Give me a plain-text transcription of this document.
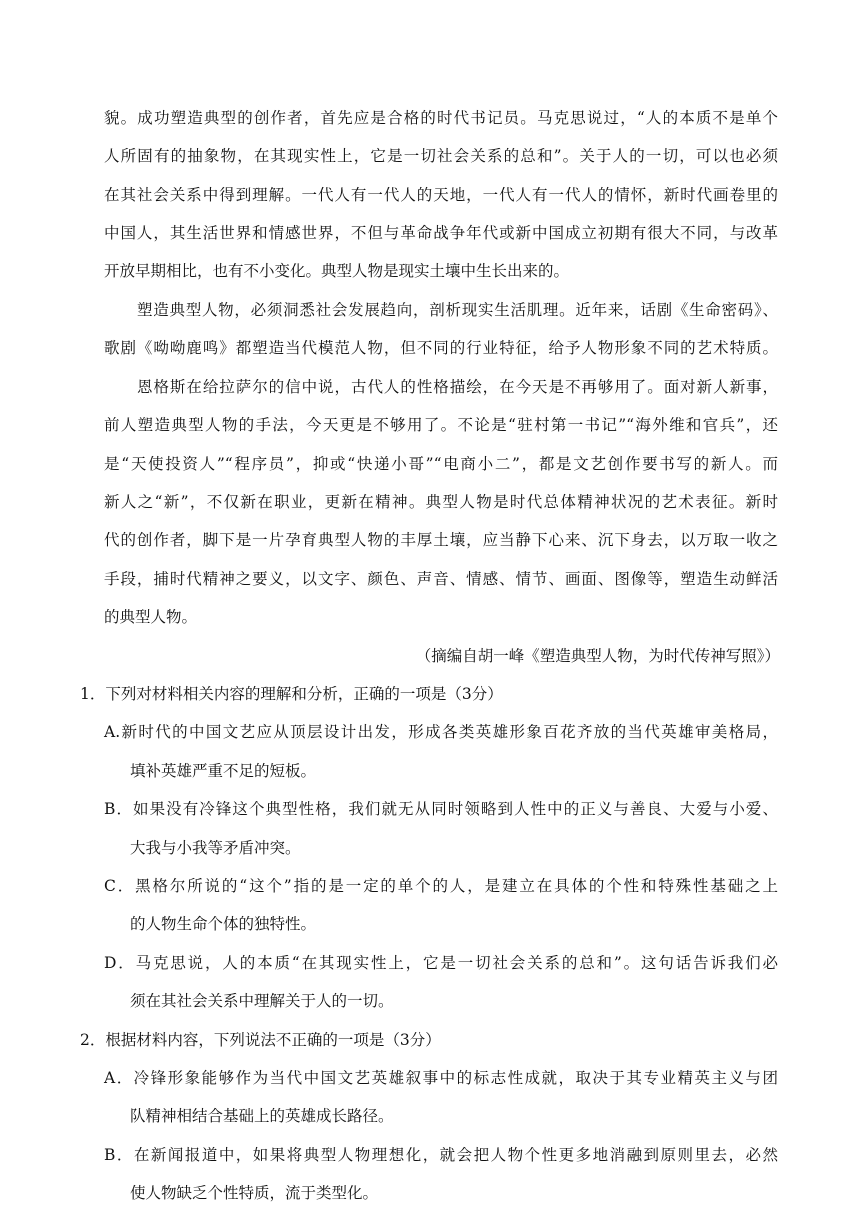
貌。成功塑造典型的创作者，首先应是合格的时代书记员。马克思说过，“人的本质不是单个
人所固有的抽象物，在其现实性上，它是一切社会关系的总和”。关于人的一切，可以也必须
在其社会关系中得到理解。一代人有一代人的天地，一代人有一代人的情怀，新时代画卷里的
中国人，其生活世界和情感世界，不但与革命战争年代或新中国成立初期有很大不同，与改革
开放早期相比，也有不小变化。典型人物是现实土壤中生长出来的。
塑造典型人物，必须洞悉社会发展趋向，剖析现实生活肌理。近年来，话剧《生命密码》、
歌剧《呦呦鹿鸣》都塑造当代模范人物，但不同的行业特征，给予人物形象不同的艺术特质。
恩格斯在给拉萨尔的信中说，古代人的性格描绘，在今天是不再够用了。面对新人新事，
前人塑造典型人物的手法，今天更是不够用了。不论是“驻村第一书记”“海外维和官兵”，还
是“天使投资人”“程序员”，抑或“快递小哥”“电商小二”，都是文艺创作要书写的新人。而
新人之“新”，不仅新在职业，更新在精神。典型人物是时代总体精神状况的艺术表征。新时
代的创作者，脚下是一片孕育典型人物的丰厚土壤，应当静下心来、沉下身去，以万取一收之
手段，捕时代精神之要义，以文字、颜色、声音、情感、情节、画面、图像等，塑造生动鲜活
的典型人物。
（摘编自胡一峰《塑造典型人物，为时代传神写照》）
1．下列对材料相关内容的理解和分析，正确的一项是（3分）
A.新时代的中国文艺应从顶层设计出发，形成各类英雄形象百花齐放的当代英雄审美格局，
填补英雄严重不足的短板。
B．如果没有冷锋这个典型性格，我们就无从同时领略到人性中的正义与善良、大爱与小爱、
大我与小我等矛盾冲突。
C．黑格尔所说的“这个”指的是一定的单个的人，是建立在具体的个性和特殊性基础之上
的人物生命个体的独特性。
D．马克思说，人的本质“在其现实性上，它是一切社会关系的总和”。这句话告诉我们必
须在其社会关系中理解关于人的一切。
2．根据材料内容，下列说法不正确的一项是（3分）
A．冷锋形象能够作为当代中国文艺英雄叙事中的标志性成就，取决于其专业精英主义与团
队精神相结合基础上的英雄成长路径。
B．在新闻报道中，如果将典型人物理想化，就会把人物个性更多地消融到原则里去，必然
使人物缺乏个性特质，流于类型化。
